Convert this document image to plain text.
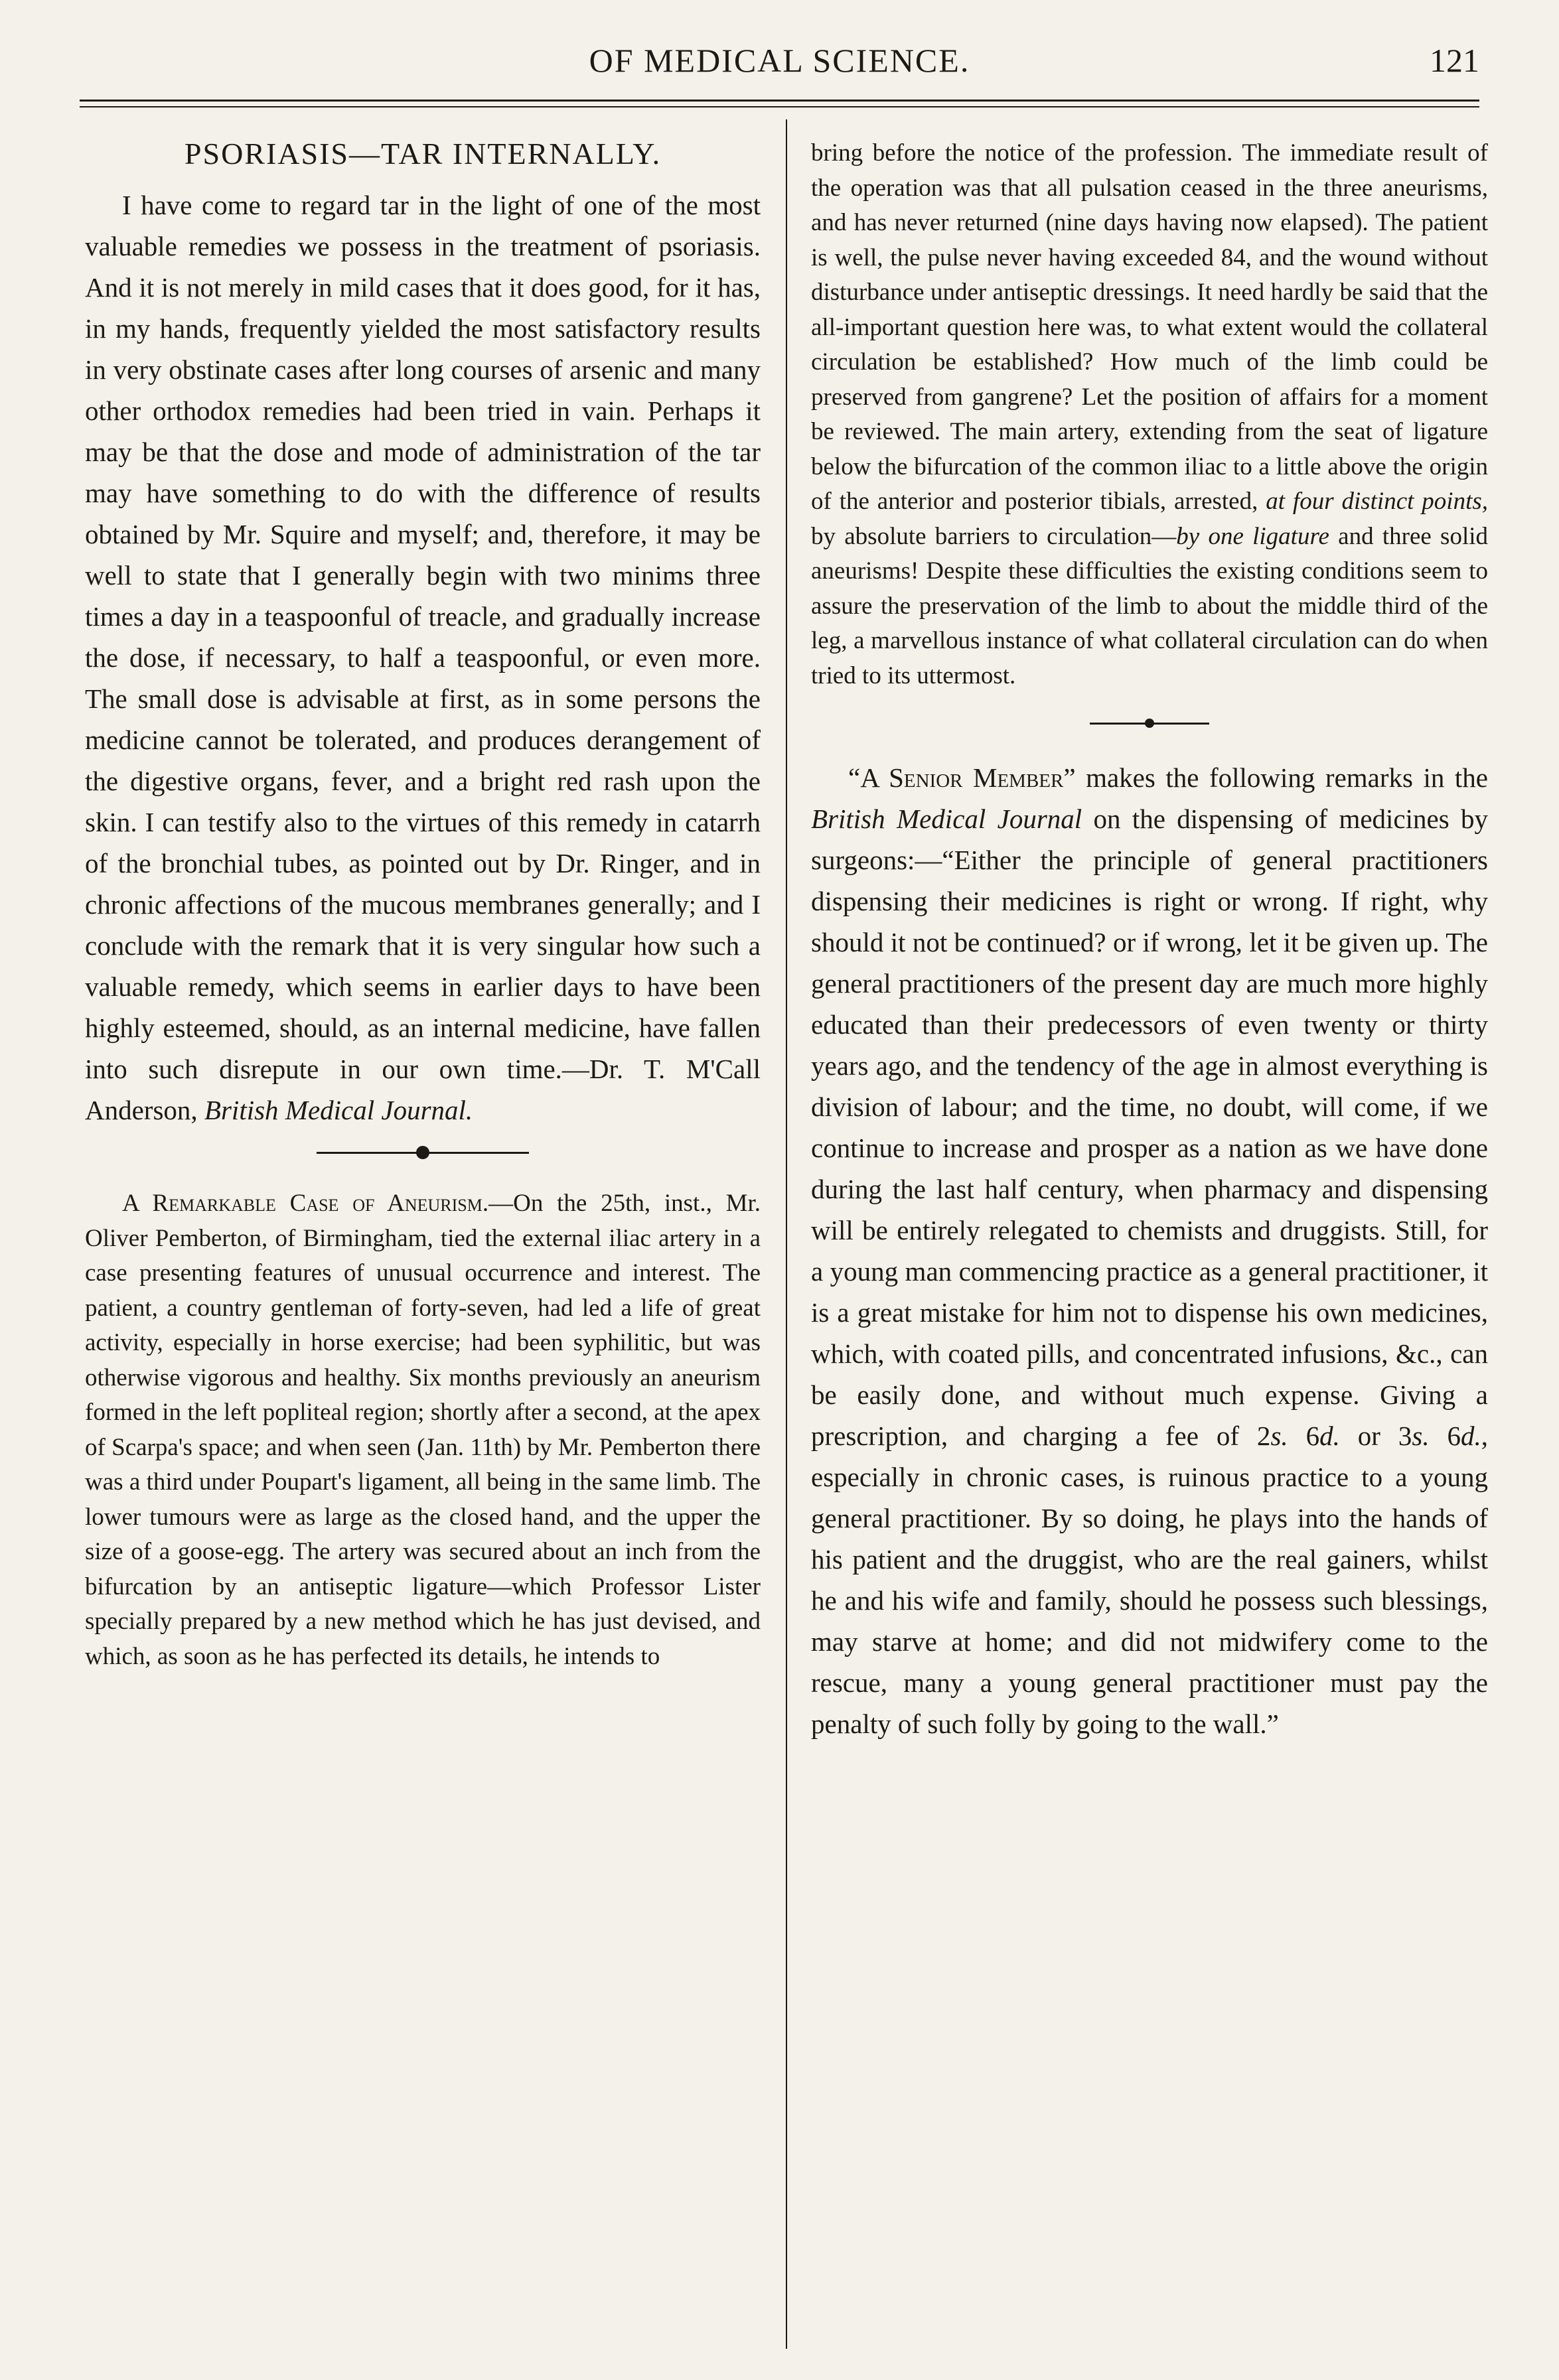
OF MEDICAL SCIENCE.	121
PSORIASIS—TAR INTERNALLY.

I have come to regard tar in the light of one of the most valuable remedies we possess in the treatment of psoriasis. And it is not merely in mild cases that it does good, for it has, in my hands, frequently yielded the most satisfactory results in very obstinate cases after long courses of arsenic and many other orthodox remedies had been tried in vain. Perhaps it may be that the dose and mode of administration of the tar may have something to do with the difference of results obtained by Mr. Squire and myself; and, therefore, it may be well to state that I generally begin with two minims three times a day in a teaspoonful of treacle, and gradually increase the dose, if necessary, to half a teaspoonful, or even more. The small dose is advisable at first, as in some persons the medicine cannot be tolerated, and produces derangement of the digestive organs, fever, and a bright red rash upon the skin. I can testify also to the virtues of this remedy in catarrh of the bronchial tubes, as pointed out by Dr. Ringer, and in chronic affections of the mucous membranes generally; and I conclude with the remark that it is very singular how such a valuable remedy, which seems in earlier days to have been highly esteemed, should, as an internal medicine, have fallen into such disrepute in our own time.—Dr. T. M'Call Anderson, British Medical Journal.

A Remarkable Case of Aneurism.—On the 25th, inst., Mr. Oliver Pemberton, of Birmingham, tied the external iliac artery in a case presenting features of unusual occurrence and interest. The patient, a country gentleman of forty-seven, had led a life of great activity, especially in horse exercise; had been syphilitic, but was otherwise vigorous and healthy. Six months previously an aneurism formed in the left popliteal region; shortly after a second, at the apex of Scarpa's space; and when seen (Jan. 11th) by Mr. Pemberton there was a third under Poupart's ligament, all being in the same limb. The lower tumours were as large as the closed hand, and the upper the size of a goose-egg. The artery was secured about an inch from the bifurcation by an antiseptic ligature—which Professor Lister specially prepared by a new method which he has just devised, and which, as soon as he has perfected its details, he intends to

bring before the notice of the profession. The immediate result of the operation was that all pulsation ceased in the three aneurisms, and has never returned (nine days having now elapsed). The patient is well, the pulse never having exceeded 84, and the wound without disturbance under antiseptic dressings. It need hardly be said that the all-important question here was, to what extent would the collateral circulation be established? How much of the limb could be preserved from gangrene? Let the position of affairs for a moment be reviewed. The main artery, extending from the seat of ligature below the bifurcation of the common iliac to a little above the origin of the anterior and posterior tibials, arrested, at four distinct points, by absolute barriers to circulation—by one ligature and three solid aneurisms! Despite these difficulties the existing conditions seem to assure the preservation of the limb to about the middle third of the leg, a marvellous instance of what collateral circulation can do when tried to its uttermost.

“A Senior Member” makes the following remarks in the British Medical Journal on the dispensing of medicines by surgeons:—“Either the principle of general practitioners dispensing their medicines is right or wrong. If right, why should it not be continued? or if wrong, let it be given up. The general practitioners of the present day are much more highly educated than their predecessors of even twenty or thirty years ago, and the tendency of the age in almost everything is division of labour; and the time, no doubt, will come, if we continue to increase and prosper as a nation as we have done during the last half century, when pharmacy and dispensing will be entirely relegated to chemists and druggists. Still, for a young man commencing practice as a general practitioner, it is a great mistake for him not to dispense his own medicines, which, with coated pills, and concentrated infusions, &c., can be easily done, and without much expense. Giving a prescription, and charging a fee of 2s. 6d. or 3s. 6d., especially in chronic cases, is ruinous practice to a young general practitioner. By so doing, he plays into the hands of his patient and the druggist, who are the real gainers, whilst he and his wife and family, should he possess such blessings, may starve at home; and did not midwifery come to the rescue, many a young general practitioner must pay the penalty of such folly by going to the wall.”
